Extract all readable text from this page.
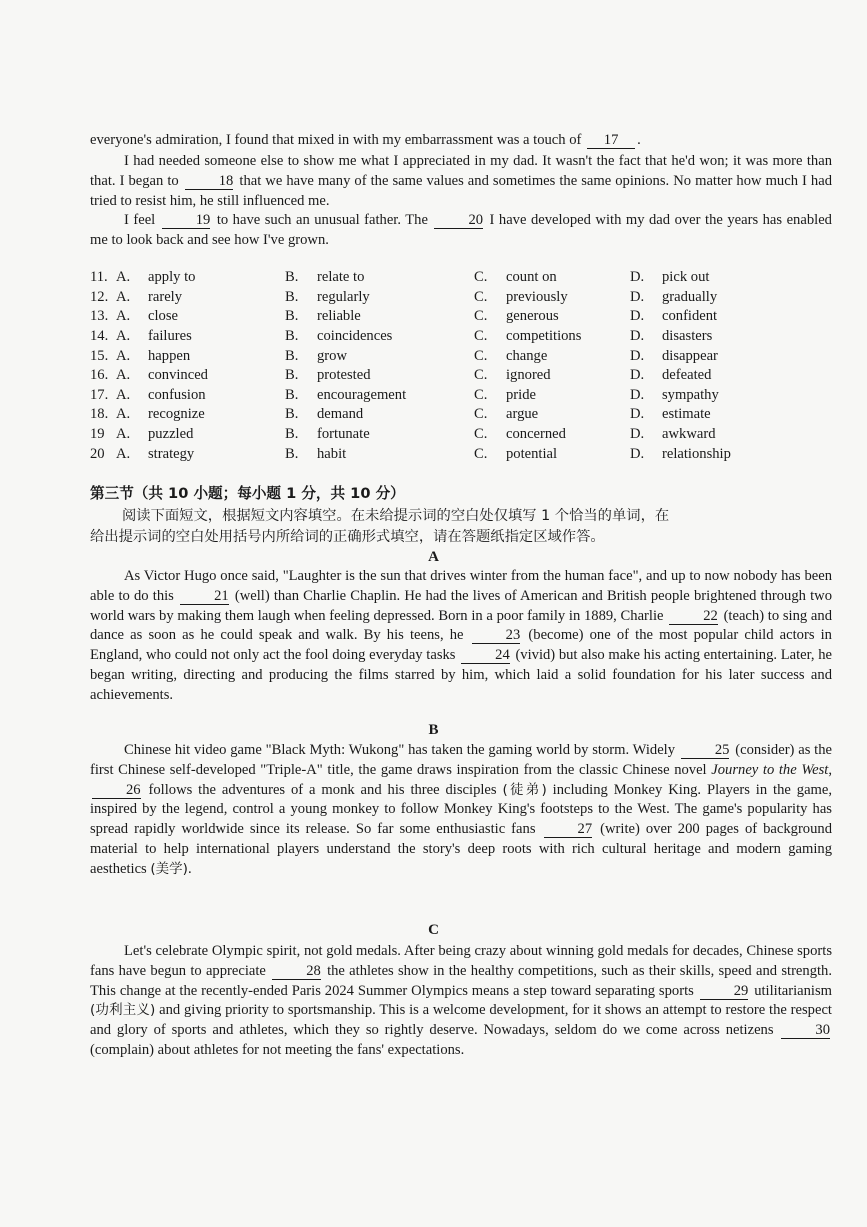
everyone's admiration, I found that mixed in with my embarrassment was a touch of 17 .

I had needed someone else to show me what I appreciated in my dad. It wasn't the fact that he'd won; it was more than that. I began to	18 that we have many of the same values and sometimes the same opinions. No matter how much I had tried to resist him, he still influenced me.

I feel	19 to have such an unusual father. The	20 I have developed with my dad over the years has enabled me to look back and see how I've grown.

11. A.	apply to	B.	relate to	C.	count on	D.	pick out
12. A.	rarely	B.	regularly	C.	previously	D.	gradually
13. A.	close	B.	reliable	C.	generous	D.	confident
14. A.	failures	B.	coincidences	C.	competitions	D.	disasters
15. A.	happen	B.	grow	C.	change	D.	disappear
16. A.	convinced	B.	protested	C.	ignored	D.	defeated
17. A.	confusion	B.	encouragement	C.	pride	D.	sympathy
18. A.	recognize	B.	demand	C.	argue	D.	estimate
19 A.	puzzled	B.	fortunate	C.	concerned	D.	awkward
20 A.	strategy	B.	habit	C.	potential	D.	relationship
第三节（共 10 小题；每小题 1 分，共 10 分）

阅读下面短文，根据短文内容填空。在未给提示词的空白处仅填写 1 个恰当的单词，在

给出提示词的空白处用括号内所给词的正确形式填空，请在答题纸指定区域作答。

A

As Victor Hugo once said, "Laughter is the sun that drives winter from the human face", and up to now nobody has been able to do this	21 (well) than Charlie Chaplin. He had the lives of American and British people brightened through two world wars by making them laugh when feeling depressed. Born in a poor family in 1889, Charlie	22 (teach) to sing and dance as soon as he could speak and walk. By his teens, he	23 (become) one of the most popular child actors in England, who could not only act the fool doing everyday tasks	24 (vivid) but also make his acting entertaining. Later, he began writing, directing and producing the films starred by him, which laid a solid foundation for his later success and achievements.

B

Chinese hit video game "Black Myth: Wukong" has taken the gaming world by storm. Widely	25 (consider) as the first Chinese self-developed "Triple-A" title, the game draws inspiration from the classic Chinese novel Journey to the West, 26 follows the adventures of a monk and his three disciples (徒弟) including Monkey King. Players in the game, inspired by the legend, control a young monkey to follow Monkey King's footsteps to the West. The game's popularity has spread rapidly worldwide since its release. So far some enthusiastic fans	27 (write) over 200 pages of background material to help international players understand the story's deep roots with rich cultural heritage and modern gaming aesthetics (美学).

C

Let's celebrate Olympic spirit, not gold medals. After being crazy about winning gold medals for decades, Chinese sports fans have begun to appreciate	28 the athletes show in the healthy competitions, such as their skills, speed and strength. This change at the recently-ended Paris 2024 Summer Olympics means a step toward separating sports	29 utilitarianism (功利主义) and giving priority to sportsmanship. This is a welcome development, for it shows an attempt to restore the respect and glory of sports and athletes, which they so rightly deserve. Nowadays, seldom do we come across netizens	30 (complain) about athletes for not meeting the fans' expectations.
